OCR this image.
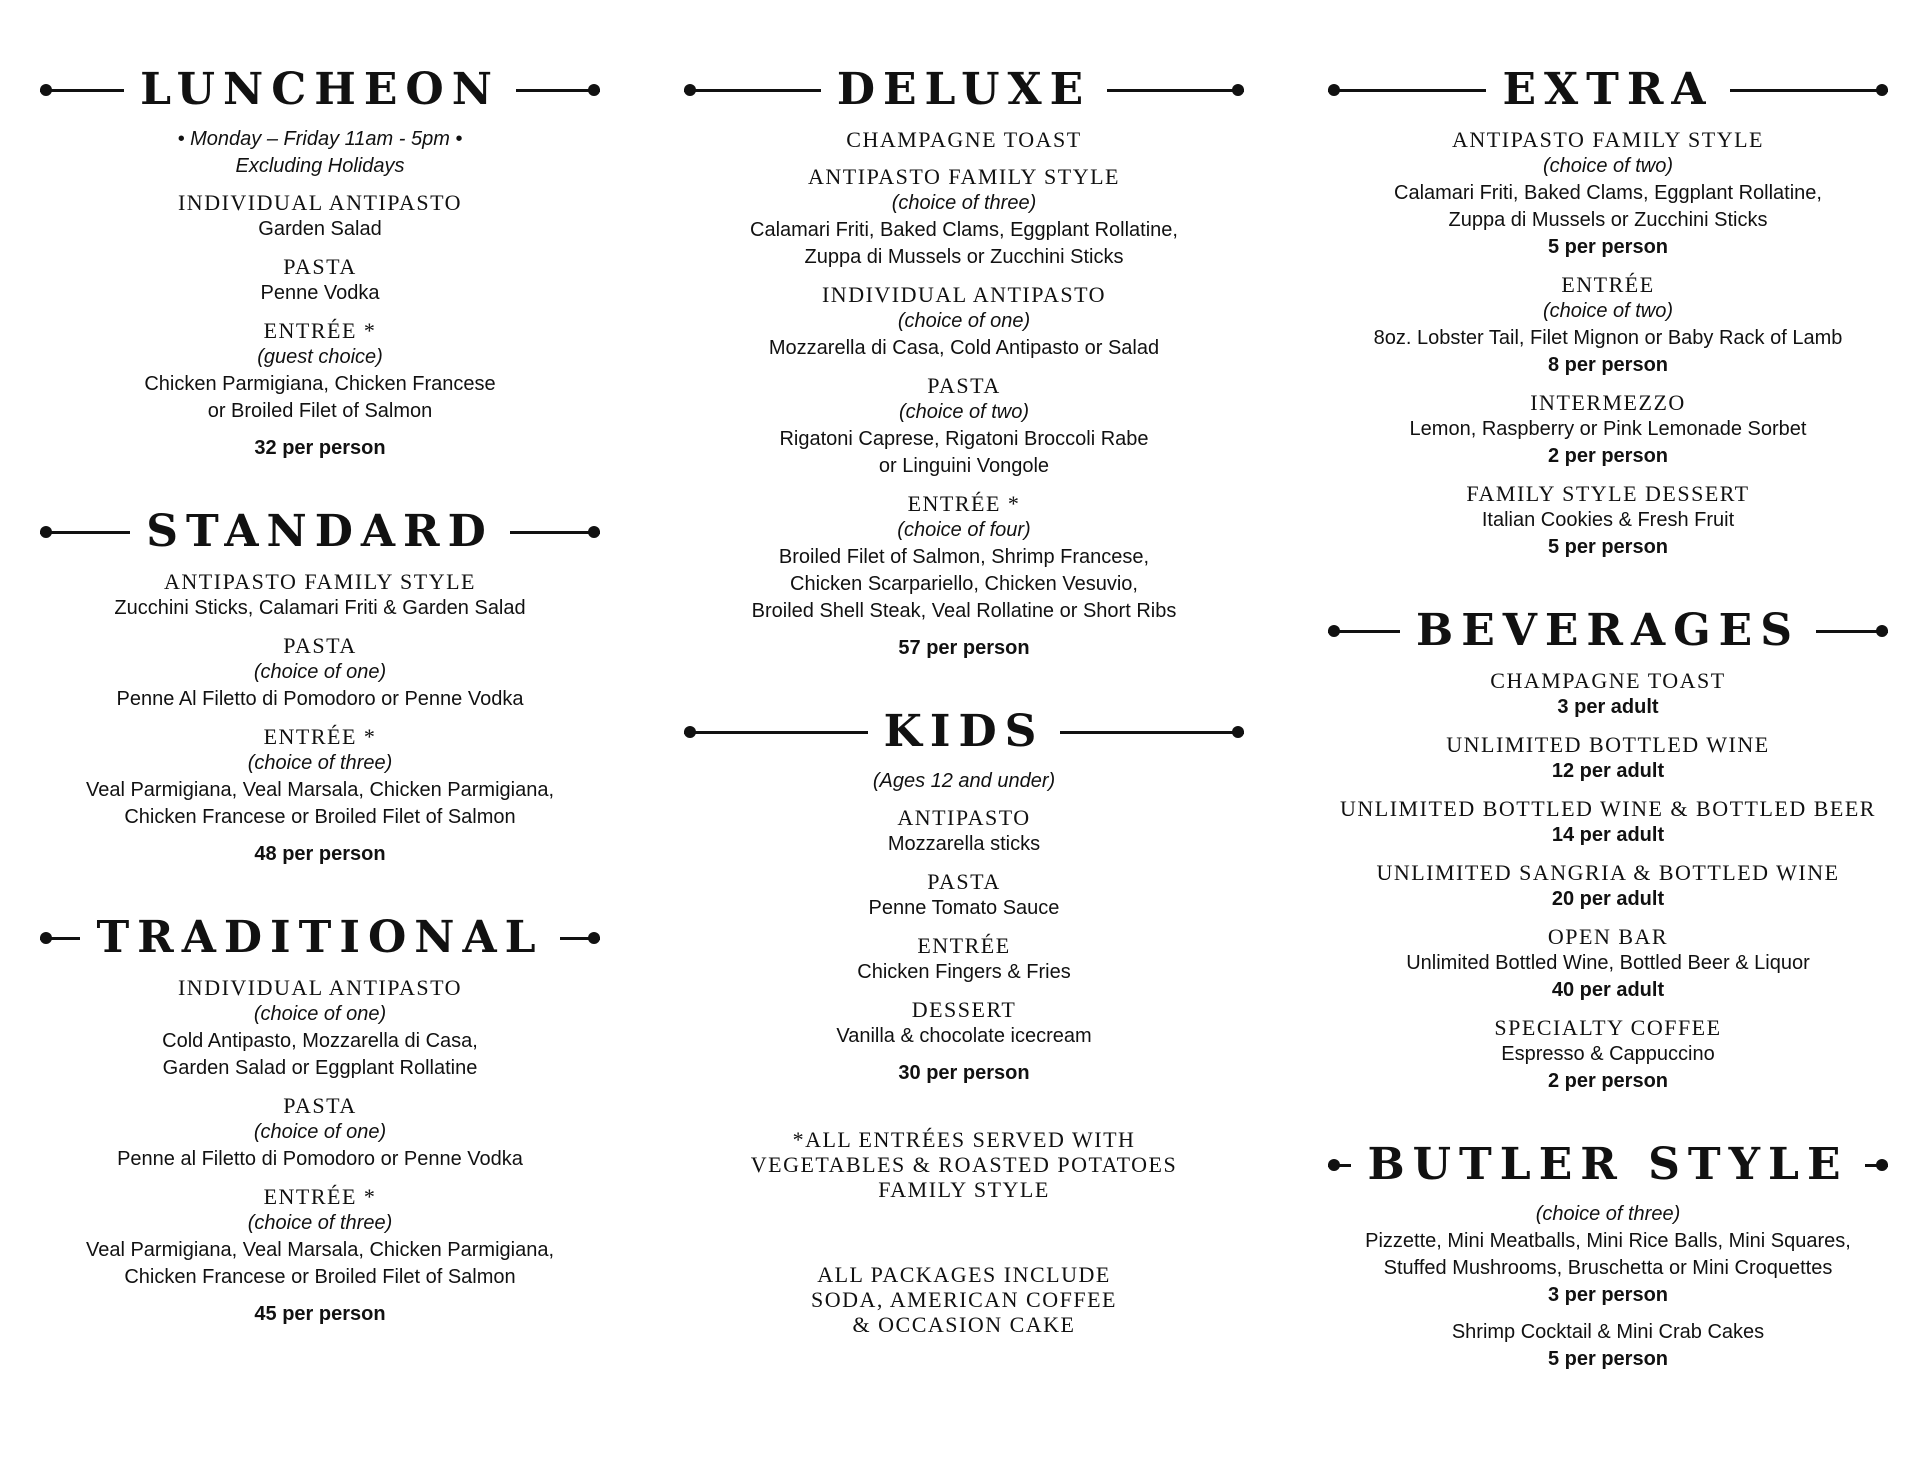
LUNCHEON
• Monday – Friday 11am - 5pm •
Excluding Holidays
INDIVIDUAL ANTIPASTO
Garden Salad
PASTA
Penne Vodka
ENTRÉE *
(guest choice)
Chicken Parmigiana, Chicken Francese
or Broiled Filet of Salmon
32 per person
STANDARD
ANTIPASTO FAMILY STYLE
Zucchini Sticks, Calamari Friti & Garden Salad
PASTA
(choice of one)
Penne Al Filetto di Pomodoro or Penne Vodka
ENTRÉE *
(choice of three)
Veal Parmigiana, Veal Marsala, Chicken Parmigiana,
Chicken Francese or Broiled Filet of Salmon
48 per person
TRADITIONAL
INDIVIDUAL ANTIPASTO
(choice of one)
Cold Antipasto, Mozzarella di Casa,
Garden Salad or Eggplant Rollatine
PASTA
(choice of one)
Penne al Filetto di Pomodoro or Penne Vodka
ENTRÉE *
(choice of three)
Veal Parmigiana, Veal Marsala, Chicken Parmigiana,
Chicken Francese or Broiled Filet of Salmon
45 per person
DELUXE
CHAMPAGNE TOAST
ANTIPASTO FAMILY STYLE
(choice of three)
Calamari Friti, Baked Clams, Eggplant Rollatine,
Zuppa di Mussels or Zucchini Sticks
INDIVIDUAL ANTIPASTO
(choice of one)
Mozzarella di Casa, Cold Antipasto or Salad
PASTA
(choice of two)
Rigatoni Caprese, Rigatoni Broccoli Rabe
or Linguini Vongole
ENTRÉE *
(choice of four)
Broiled Filet of Salmon, Shrimp Francese,
Chicken Scarpariello, Chicken Vesuvio,
Broiled Shell Steak, Veal Rollatine or Short Ribs
57 per person
KIDS
(Ages 12 and under)
ANTIPASTO
Mozzarella sticks
PASTA
Penne Tomato Sauce
ENTRÉE
Chicken Fingers & Fries
DESSERT
Vanilla & chocolate icecream
30 per person
*ALL ENTRÉES SERVED WITH
VEGETABLES & ROASTED POTATOES
FAMILY STYLE
ALL PACKAGES INCLUDE
SODA, AMERICAN COFFEE
& OCCASION CAKE
EXTRA
ANTIPASTO FAMILY STYLE
(choice of two)
Calamari Friti, Baked Clams, Eggplant Rollatine,
Zuppa di Mussels or Zucchini Sticks
5 per person
ENTRÉE
(choice of two)
8oz. Lobster Tail, Filet Mignon or Baby Rack of Lamb
8 per person
INTERMEZZO
Lemon, Raspberry or Pink Lemonade Sorbet
2 per person
FAMILY STYLE DESSERT
Italian Cookies & Fresh Fruit
5 per person
BEVERAGES
CHAMPAGNE TOAST
3 per adult
UNLIMITED BOTTLED WINE
12 per adult
UNLIMITED BOTTLED WINE & BOTTLED BEER
14 per adult
UNLIMITED SANGRIA & BOTTLED WINE
20 per adult
OPEN BAR
Unlimited Bottled Wine, Bottled Beer & Liquor
40 per adult
SPECIALTY COFFEE
Espresso & Cappuccino
2 per person
BUTLER STYLE
(choice of three)
Pizzette, Mini Meatballs, Mini Rice Balls, Mini Squares,
Stuffed Mushrooms, Bruschetta or Mini Croquettes
3 per person
Shrimp Cocktail & Mini Crab Cakes
5 per person
